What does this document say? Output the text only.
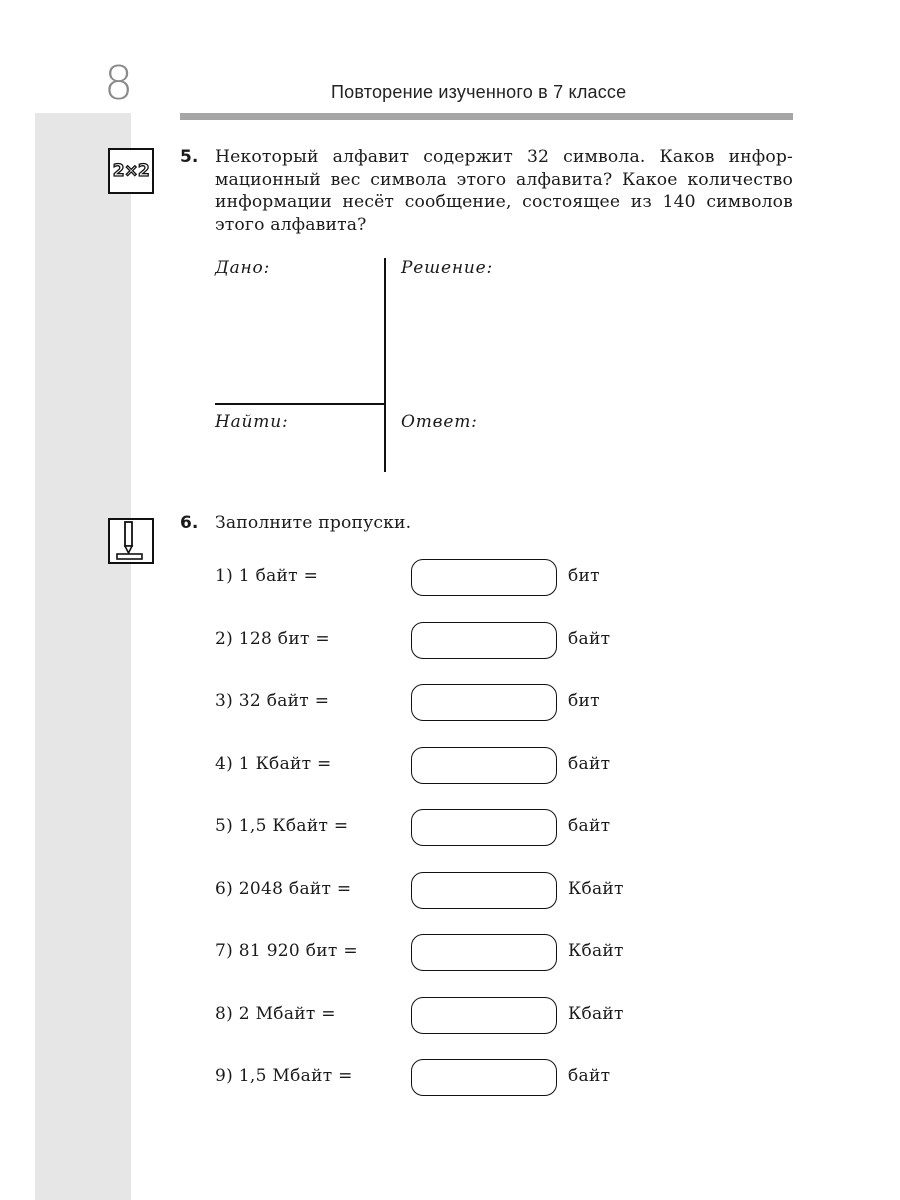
8	Повторение изученного в 7 классе
2×2
5. Некоторый алфавит содержит 32 символа. Каков инфор-
мационный вес символа этого алфавита? Какое количество
информации несёт сообщение, состоящее из 140 символов
этого алфавита?
Дано:	Решение:
Найти:	Ответ:
6. Заполните пропуски.
1) 1 байт =	бит
2) 128 бит =	байт
3) 32 байт =	бит
4) 1 Кбайт =	байт
5) 1,5 Кбайт =	байт
6) 2048 байт =	Кбайт
7) 81 920 бит =	Кбайт
8) 2 Мбайт =	Кбайт
9) 1,5 Мбайт =	байт
